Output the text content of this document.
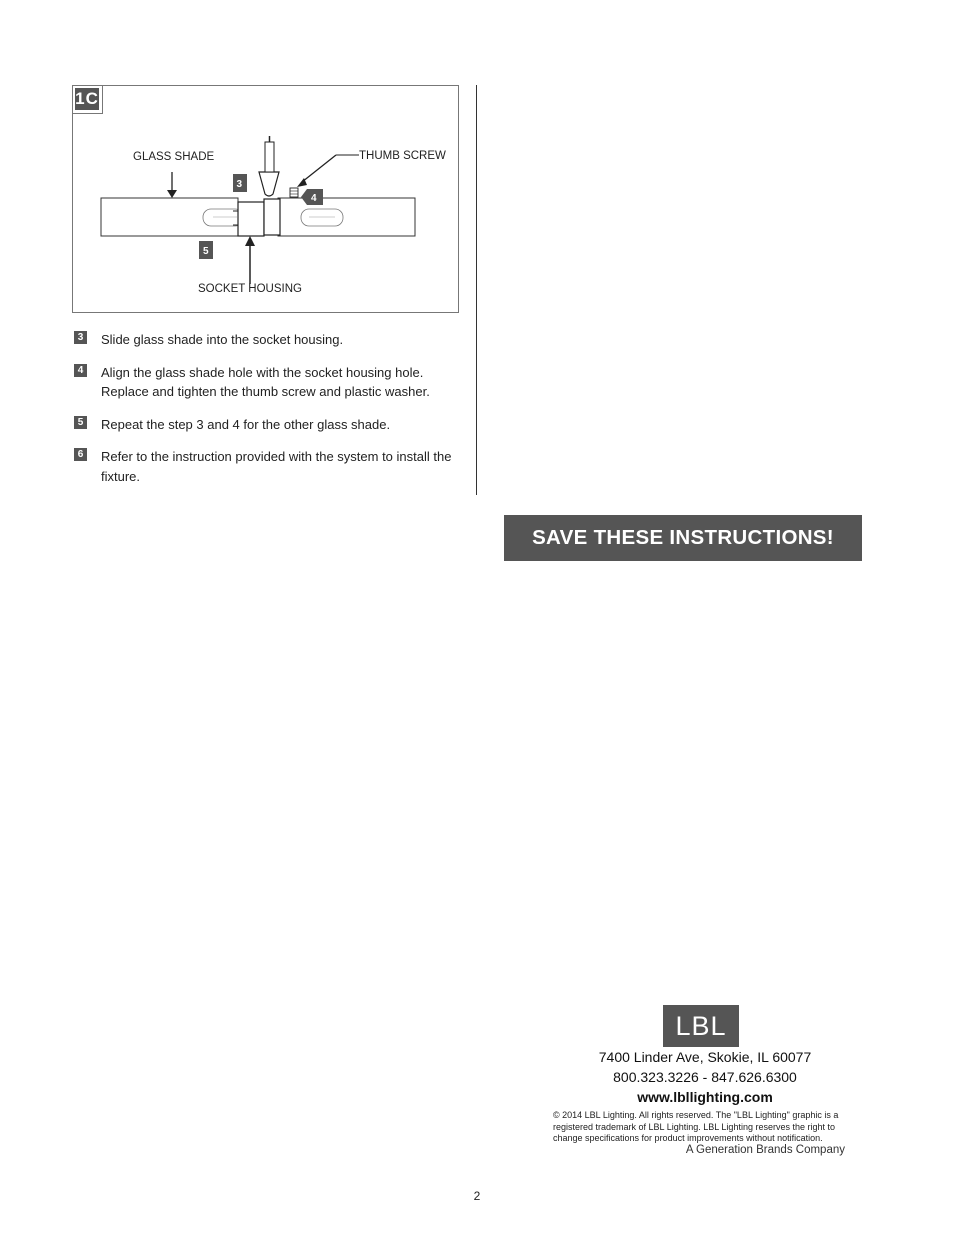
GLASS SHADE	THUMB SCREW
SOCKET HOUSING
3
4
5
1C
3 Slide glass shade into the socket housing.
4 Align the glass shade hole with the socket housing hole. Replace and tighten the thumb screw and plastic washer.
5 Repeat the step 3 and 4 for the other glass shade.
6 Refer to the instruction provided with the system to install the fixture.
SAVE THESE INSTRUCTIONS!
LBL
7400 Linder Ave, Skokie, IL 60077
800.323.3226 - 847.626.6300
www.lbllighting.com
© 2014 LBL Lighting. All rights reserved. The "LBL Lighting" graphic is a registered trademark of LBL Lighting. LBL Lighting reserves the right to change specifications for product improvements without notification.
A Generation Brands Company
2
